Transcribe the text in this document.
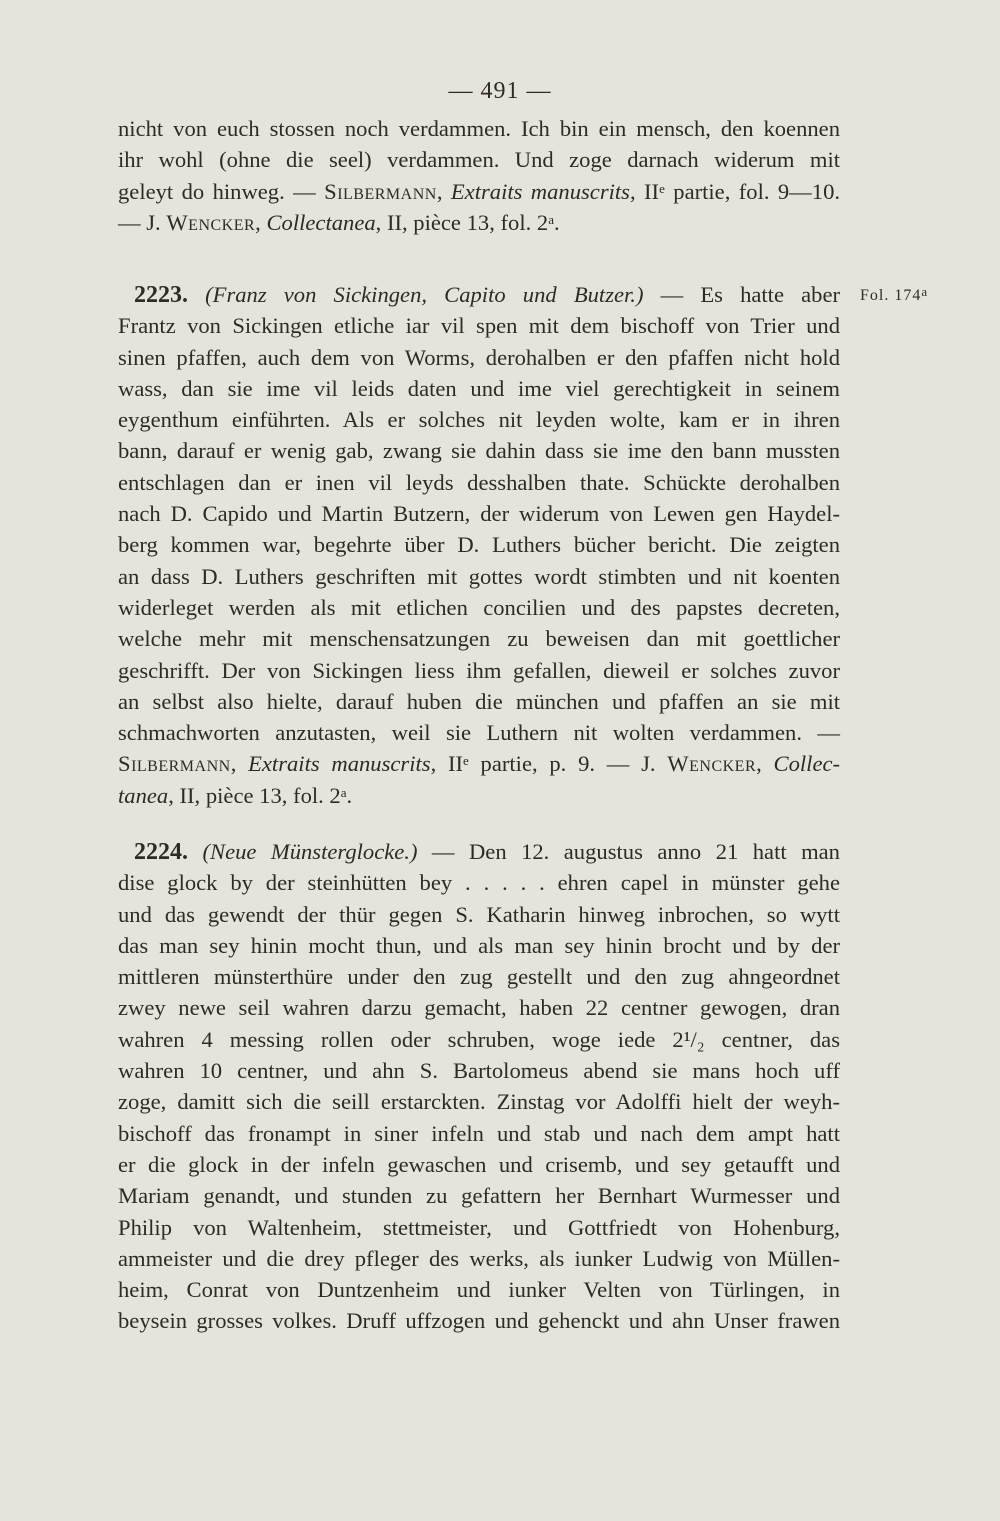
— 491 —
nicht von euch stossen noch verdammen. Ich bin ein mensch, den koennen
ihr wohl (ohne die seel) verdammen. Und zoge darnach widerum mit
geleyt do hinweg. — Silbermann, Extraits manuscrits, IIe partie, fol. 9—10.
— J. Wencker, Collectanea, II, pièce 13, fol. 2$^a$.
Fol. 174$^a$
2223. (Franz von Sickingen, Capito und Butzer.) — Es hatte aber
Frantz von Sickingen etliche iar vil spen mit dem bischoff von Trier und
sinen pfaffen, auch dem von Worms, derohalben er den pfaffen nicht hold
wass, dan sie ime vil leids daten und ime viel gerechtigkeit in seinem
eygenthum einführten. Als er solches nit leyden wolte, kam er in ihren
bann, darauf er wenig gab, zwang sie dahin dass sie ime den bann mussten
entschlagen dan er inen vil leyds desshalben thate. Schückte derohalben
nach D. Capido und Martin Butzern, der widerum von Lewen gen Haydel-
berg kommen war, begehrte über D. Luthers bücher bericht. Die zeigten
an dass D. Luthers geschriften mit gottes wordt stimbten und nit koenten
widerleget werden als mit etlichen concilien und des papstes decreten,
welche mehr mit menschensatzungen zu beweisen dan mit goettlicher
geschrifft. Der von Sickingen liess ihm gefallen, dieweil er solches zuvor
an selbst also hielte, darauf huben die münchen und pfaffen an sie mit
schmachworten anzutasten, weil sie Luthern nit wolten verdammen. —
Silbermann, Extraits manuscrits, IIe partie, p. 9. — J. Wencker, Collec-
tanea, II, pièce 13, fol. 2$^a$.
2224. (Neue Münsterglocke.) — Den 12. augustus anno 21 hatt man
dise glock by der steinhütten bey . . . . . ehren capel in münster gehe
und das gewendt der thür gegen S. Katharin hinweg inbrochen, so wytt
das man sey hinin mocht thun, und als man sey hinin brocht und by der
mittleren münsterthüre under den zug gestellt und den zug ahngeordnet
zwey newe seil wahren darzu gemacht, haben 22 centner gewogen, dran
wahren 4 messing rollen oder schruben, woge iede 2¹/₂ centner, das
wahren 10 centner, und ahn S. Bartolomeus abend sie mans hoch uff
zoge, damitt sich die seill erstarckten. Zinstag vor Adolffi hielt der weyh-
bischoff das fronampt in siner infeln und stab und nach dem ampt hatt
er die glock in der infeln gewaschen und crisemb, und sey getaufft und
Mariam genandt, und stunden zu gefattern her Bernhart Wurmesser und
Philip von Waltenheim, stettmeister, und Gottfriedt von Hohenburg,
ammeister und die drey pfleger des werks, als iunker Ludwig von Müllen-
heim, Conrat von Duntzenheim und iunker Velten von Türlingen, in
beysein grosses volkes. Druff uffzogen und gehenckt und ahn Unser frawen
